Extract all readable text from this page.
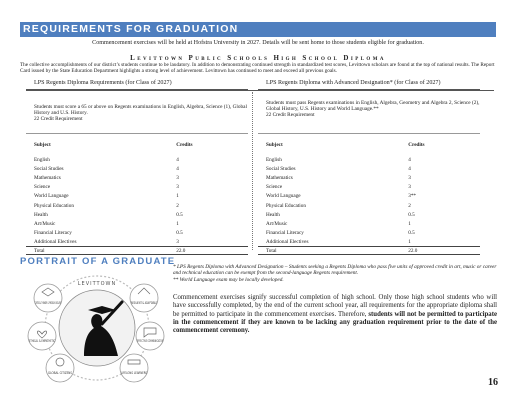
REQUIREMENTS FOR GRADUATION
Commencement exercises will be held at Hofstra University in 2027. Details will be sent home to those students eligible for graduation.
Levittown Public Schools High School Diploma
The collective accomplishments of our district’s students continue to be laudatory. In addition to demonstrating continued strength in standardized test scores, Levittown scholars are found at the top of national results. The Report Card issued by the State Education Department highlights a strong level of achievement. Levittown has continued to meet and exceed all previous goals.
LPS Regents Diploma Requirements (for Class of 2027)
Students must score a 65 or above on Regents examinations in English, Algebra, Science (1), Global History and U.S. History.
22 Credit Requirement
Subject	Credits

English	4
Social Studies	4
Mathematics	3
Science	3
World Language	1
Physical Education	2
Health	0.5
Art/Music	1
Financial Literacy	0.5
Additional Electives	3
Total	22.0
LPS Regents Diploma with Advanced Designation* (for Class of 2027)
Students must pass Regents examinations in English, Algebra, Geometry and Algebra 2, Science (2), Global History, U.S. History and World Language.**
22 Credit Requirement
Subject	Credits

English	4
Social Studies	4
Mathematics	3
Science	3
World Language	3**
Physical Education	2
Health	0.5
Art/Music	1
Financial Literacy	0.5
Additional Electives	1
Total	22.0
PORTRAIT OF A GRADUATE
LEVITTOWN
CRITICAL THINKER & PROBLEM-SOLVER	RESILIENT & ADAPTABLE
ETHICAL & EMPATHETIC	EFFECTIVE COMMUNICATOR
GLOBAL CITIZENS	LIFELONG LEARNERS

* LPS Regents Diploma with Advanced Designation – Students seeking a Regents Diploma who pass five units of approved credit in art, music or career and technical education can be exempt from the second-language Regents requirement.

** World Language exam may be locally developed.

Commencement exercises signify successful completion of high school. Only those high school students who will have successfully completed, by the end of the current school year, all requirements for the appropriate diploma shall be permitted to participate in the commencement exercises. Therefore, students will not be permitted to participate in the commencement if they are known to be lacking any graduation requirement prior to the date of the commencement ceremony.
16
